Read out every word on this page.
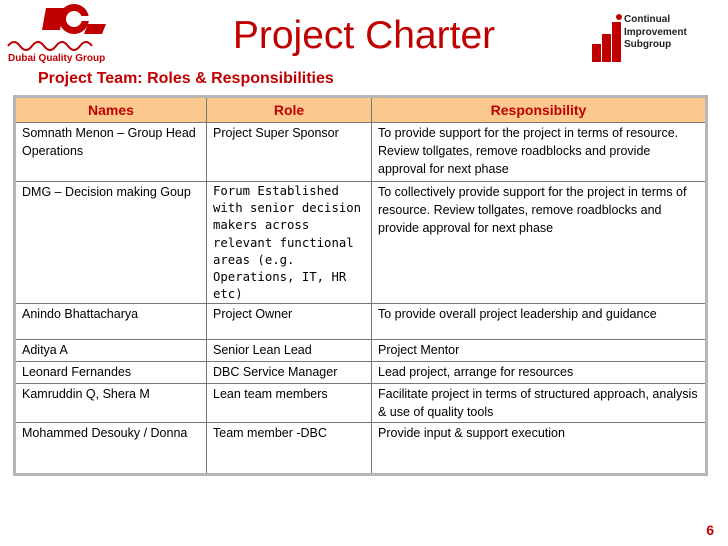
Dubai Quality Group
Continual
Improvement
Subgroup
Project Charter
Project Team: Roles & Responsibilities
Names	Role	Responsibility
Somnath Menon – Group Head Operations	Project Super Sponsor	To provide support for the project in terms of resource. Review tollgates, remove roadblocks and provide approval for next phase
DMG – Decision making Goup	Forum Established with senior decision makers across relevant functional areas (e.g. Operations, IT, HR etc)	To collectively provide support for the project in terms of resource. Review tollgates, remove roadblocks and provide approval for next phase
Anindo Bhattacharya	Project Owner	To provide overall project leadership and guidance
Aditya A	Senior Lean Lead	Project Mentor
Leonard Fernandes	DBC Service Manager	Lead project, arrange for resources
Kamruddin Q, Shera M	Lean team members	Facilitate project in terms of structured approach, analysis & use of quality tools
Mohammed Desouky / Donna	Team member -DBC	Provide input & support execution
6
